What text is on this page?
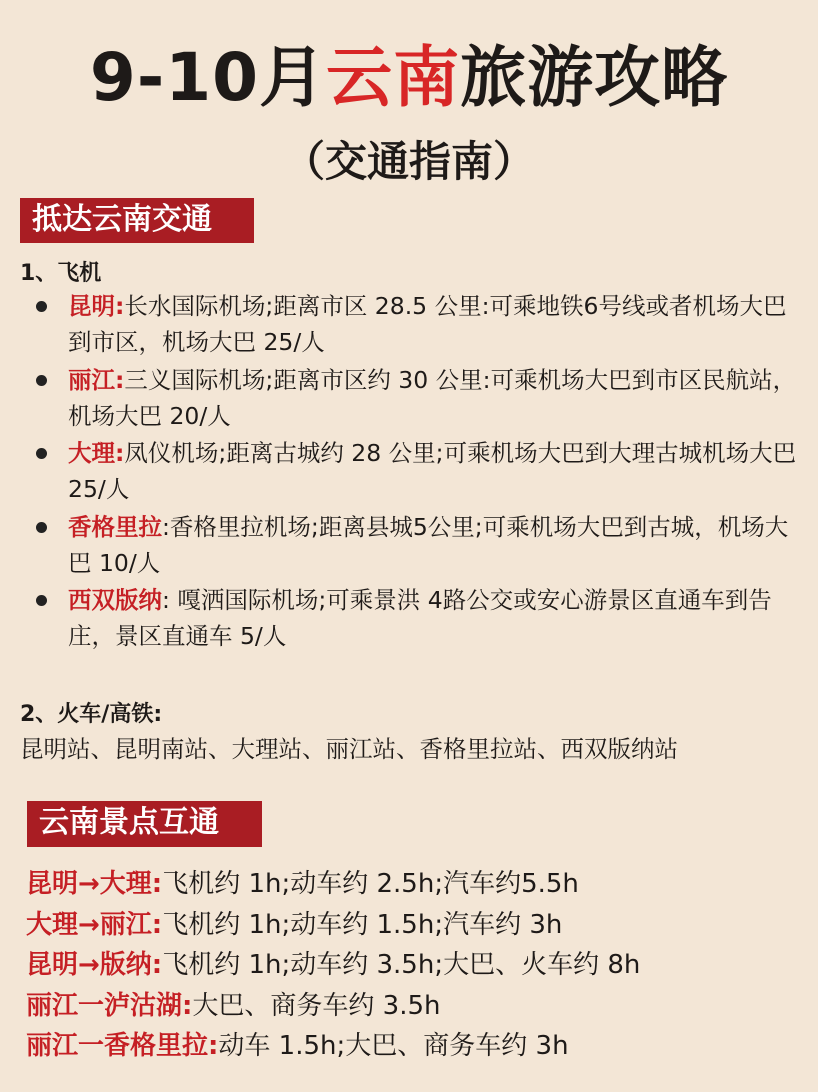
9-10月云南旅游攻略
（交通指南）
抵达云南交通
1、飞机
昆明:长水国际机场;距离市区 28.5 公里:可乘地铁6号线或者机场大巴到市区，机场大巴 25/人
丽江:三义国际机场;距离市区约 30 公里:可乘机场大巴到市区民航站，机场大巴 20/人
大理:凤仪机场;距离古城约 28 公里;可乘机场大巴到大理古城机场大巴 25/人
香格里拉:香格里拉机场;距离县城5公里;可乘机场大巴到古城，机场大巴 10/人
西双版纳: 嘎洒国际机场;可乘景洪 4路公交或安心游景区直通车到告庄，景区直通车 5/人
2、火车/高铁:
昆明站、昆明南站、大理站、丽江站、香格里拉站、西双版纳站
云南景点互通
昆明→大理:飞机约 1h;动车约 2.5h;汽车约5.5h
大理→丽江:飞机约 1h;动车约 1.5h;汽车约 3h
昆明→版纳:飞机约 1h;动车约 3.5h;大巴、火车约 8h
丽江一泸沽湖:大巴、商务车约 3.5h
丽江一香格里拉:动车 1.5h;大巴、商务车约 3h
